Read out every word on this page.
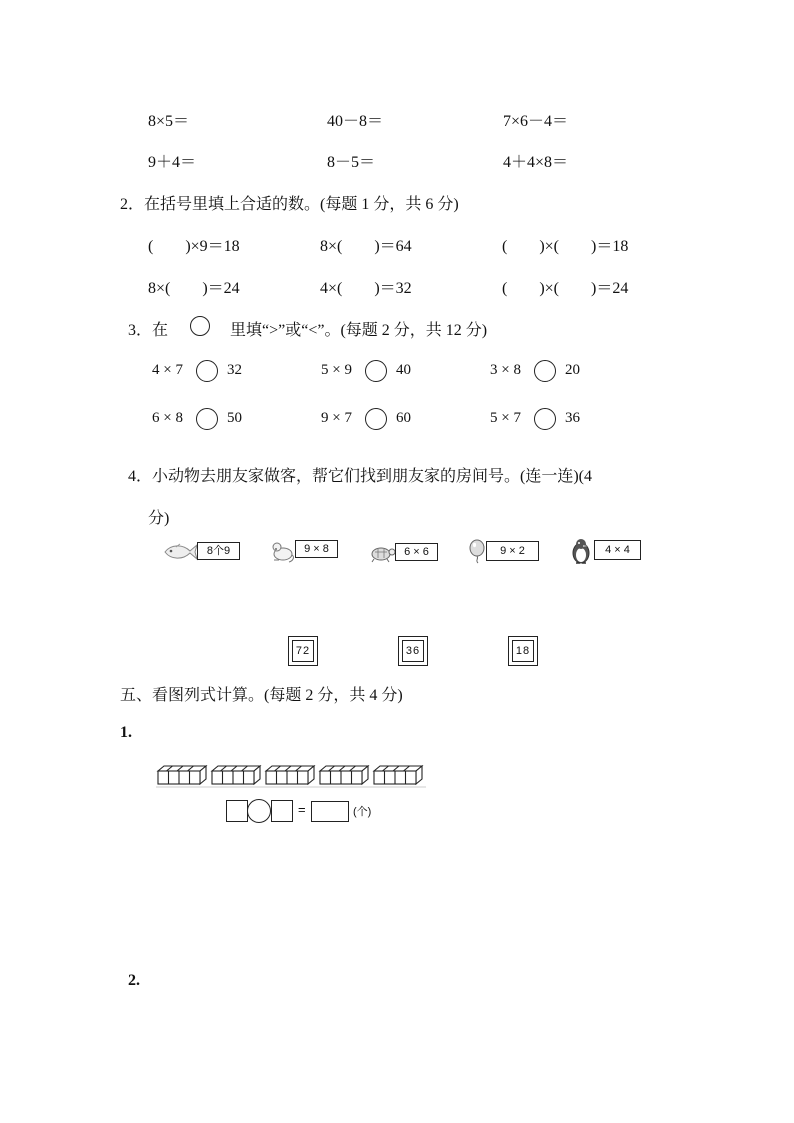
8×5＝	40－8＝	7×6－4＝
9＋4＝	8－5＝	4＋4×8＝
2．在括号里填上合适的数。(每题 1 分，共 6 分)
(　　)×9＝18	8×(　　)＝64	(　　)×(　　)＝18
8×(　　)＝24	4×(　　)＝32	(　　)×(　　)＝24
3．在	里填“>”或“<”。(每题 2 分，共 12 分)
4 × 7	32	5 × 9	40	3 × 8	20
6 × 8	50	9 × 7	60	5 × 7	36
4．小动物去朋友家做客，帮它们找到朋友家的房间号。(连一连)(4
分)
8个9	9 × 8	6 × 6	9 × 2	4 × 4
72	36	18
五、看图列式计算。(每题 2 分，共 4 分)
1.
=	(个)
2.
